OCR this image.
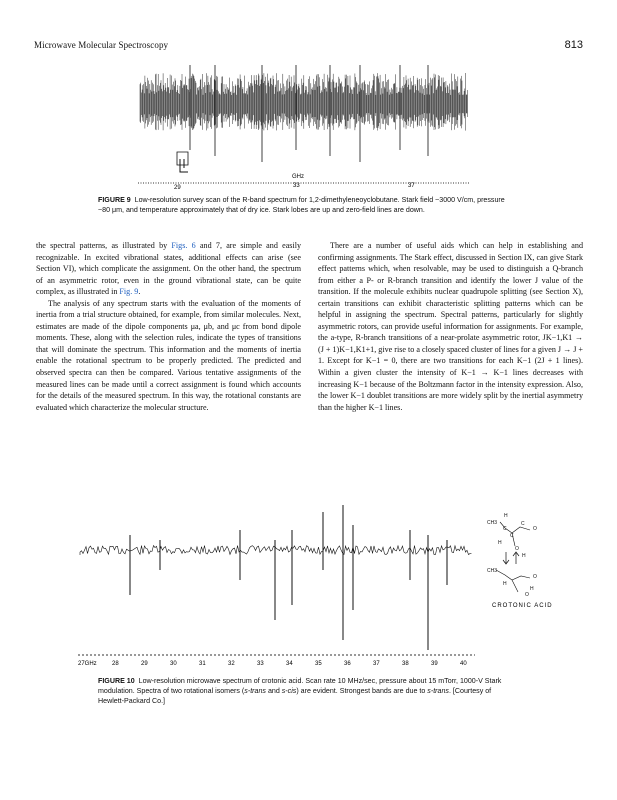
Microwave Molecular Spectroscopy	813
GHz
29	33	37
FIGURE 9 Low-resolution survey scan of the R-band spectrum for 1,2-dimethyleneoyclobutane. Stark field ~3000 V/cm, pressure ~80 μm, and temperature approximately that of dry ice. Stark lobes are up and zero-field lines are down.

the spectral patterns, as illustrated by Figs. 6 and 7, are simple and easily recognizable. In excited vibrational states, additional effects can arise (see Section VI), which complicate the assignment. On the other hand, the spectrum of an asymmetric rotor, even in the ground vibrational state, can be quite complex, as illustrated in Fig. 9.

The analysis of any spectrum starts with the evaluation of the moments of inertia from a trial structure obtained, for example, from similar molecules. Next, estimates are made of the dipole components μa, μb, and μc from bond dipole moments. These, along with the selection rules, indicate the types of transitions that will dominate the spectrum. This information and the moments of inertia enable the rotational spectrum to be properly predicted. The predicted and observed spectra can then be compared. Various tentative assignments of the measured lines can be made until a correct assignment is found which accounts for the details of the measured spectrum. In this way, the rotational constants are evaluated which characterize the molecular structure.

There are a number of useful aids which can help in establishing and confirming assignments. The Stark effect, discussed in Section IX, can give Stark effect patterns which, when resolvable, may be used to distinguish a Q-branch from either a P- or R-branch transition and identify the lower J value of the transition. If the molecule exhibits nuclear quadrupole splitting (see Section X), certain transitions can exhibit characteristic splitting patterns which can be helpful in assigning the spectrum. Spectral patterns, particularly for slightly asymmetric rotors, can provide useful information for assignments. For example, the a-type, R-branch transitions of a near-prolate asymmetric rotor, JK−1,K1 → (J + 1)K−1,K1+1, give rise to a closely spaced cluster of lines for a given J → J + 1. Except for K−1 = 0, there are two transitions for each K−1 (2J + 1 lines). Within a given cluster the intensity of K−1 → K−1 lines decreases with increasing K−1 because of the Boltzmann factor in the intensity expression. Also, the lower K−1 doublet transitions are more widely split by the inertial asymmetry than the higher K−1 lines.

27GHz	28	29	30	31	32	33	34	35	36	37	38	39	40
H
CH3
C
C
H
O
C
O
H
CH3
H
O
H
O
CROTONIC ACID
FIGURE 10 Low-resolution microwave spectrum of crotonic acid. Scan rate 10 MHz/sec, pressure about 15 mTorr, 1000-V Stark modulation. Spectra of two rotational isomers (s-trans and s-cis) are evident. Strongest bands are due to s-trans. [Courtesy of Hewlett-Packard Co.]
